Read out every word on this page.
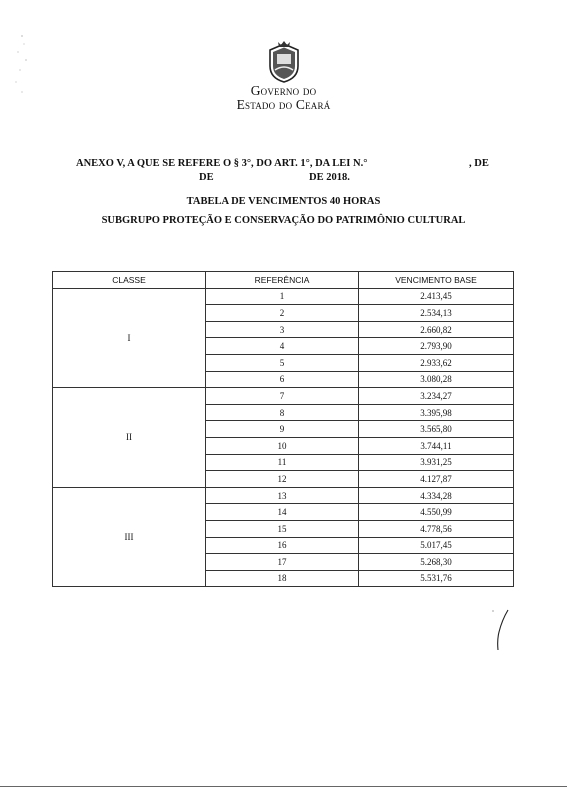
Governo do
Estado do Ceará
ANEXO V, A QUE SE REFERE O § 3°, DO ART. 1°, DA LEI N.°	, DE
DE	DE 2018.
TABELA DE VENCIMENTOS 40 HORAS
SUBGRUPO PROTEÇÃO E CONSERVAÇÃO DO PATRIMÔNIO CULTURAL
CLASSE	REFERÊNCIA	VENCIMENTO BASE
I	1	2.413,45
	2	2.534,13
	3	2.660,82
	4	2.793,90
	5	2.933,62
	6	3.080,28
II	7	3.234,27
	8	3.395,98
	9	3.565,80
	10	3.744,11
	11	3.931,25
	12	4.127,87
III	13	4.334,28
	14	4.550,99
	15	4.778,56
	16	5.017,45
	17	5.268,30
	18	5.531,76
